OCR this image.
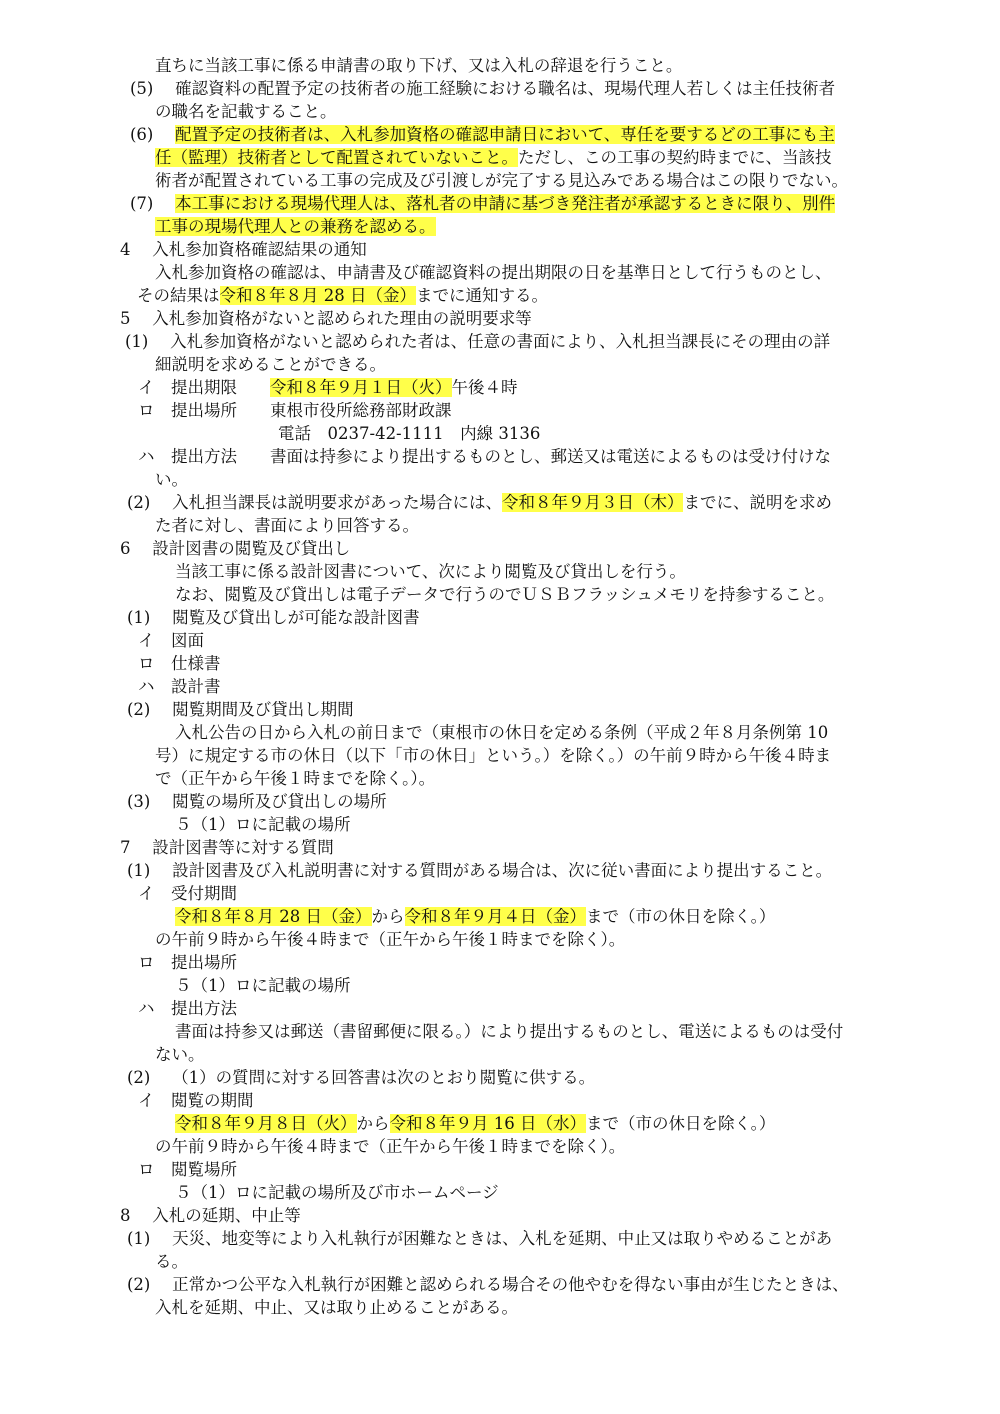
直ちに当該工事に係る申請書の取り下げ、又は入札の辞退を行うこと。
(5)　 確認資料の配置予定の技術者の施工経験における職名は、現場代理人若しくは主任技術者
の職名を記載すること。
(6)　 配置予定の技術者は、入札参加資格の確認申請日において、専任を要するどの工事にも主
任（監理）技術者として配置されていないこと。ただし、この工事の契約時までに、当該技
術者が配置されている工事の完成及び引渡しが完了する見込みである場合はこの限りでない。
(7)　 本工事における現場代理人は、落札者の申請に基づき発注者が承認するときに限り、別件
工事の現場代理人との兼務を認める。
4　 入札参加資格確認結果の通知
入札参加資格の確認は、申請書及び確認資料の提出期限の日を基準日として行うものとし、
その結果は令和８年８月 28 日（金）までに通知する。
5　 入札参加資格がないと認められた理由の説明要求等
(1)　 入札参加資格がないと認められた者は、任意の書面により、入札担当課長にその理由の詳
細説明を求めることができる。
イ　提出期限　　令和８年９月１日（火）午後４時
ロ　提出場所　　東根市役所総務部財政課
電話　0237-42-1111　内線 3136
ハ　提出方法　　書面は持参により提出するものとし、郵送又は電送によるものは受け付けな
い。
(2)　 入札担当課長は説明要求があった場合には、令和８年９月３日（木）までに、説明を求め
た者に対し、書面により回答する。
6　 設計図書の閲覧及び貸出し
当該工事に係る設計図書について、次により閲覧及び貸出しを行う。
なお、閲覧及び貸出しは電子データで行うのでＵＳＢフラッシュメモリを持参すること。
(1)　 閲覧及び貸出しが可能な設計図書
イ　図面
ロ　仕様書
ハ　設計書
(2)　 閲覧期間及び貸出し期間
入札公告の日から入札の前日まで（東根市の休日を定める条例（平成２年８月条例第 10
号）に規定する市の休日（以下「市の休日」という。）を除く。）の午前９時から午後４時ま
で（正午から午後１時までを除く。）。
(3)　 閲覧の場所及び貸出しの場所
５（1）ロに記載の場所
7　 設計図書等に対する質問
(1)　 設計図書及び入札説明書に対する質問がある場合は、次に従い書面により提出すること。
イ　受付期間
令和８年８月 28 日（金）から令和８年９月４日（金）まで（市の休日を除く。）
の午前９時から午後４時まで（正午から午後１時までを除く）。
ロ　提出場所
５（1）ロに記載の場所
ハ　提出方法
書面は持参又は郵送（書留郵便に限る。）により提出するものとし、電送によるものは受付
ない。
(2)　 （1）の質問に対する回答書は次のとおり閲覧に供する。
イ　閲覧の期間
令和８年９月８日（火）から令和８年９月 16 日（水）まで（市の休日を除く。）
の午前９時から午後４時まで（正午から午後１時までを除く）。
ロ　閲覧場所
５（1）ロに記載の場所及び市ホームページ
8　 入札の延期、中止等
(1)　 天災、地変等により入札執行が困難なときは、入札を延期、中止又は取りやめることがあ
る。
(2)　 正常かつ公平な入札執行が困難と認められる場合その他やむを得ない事由が生じたときは、
入札を延期、中止、又は取り止めることがある。
